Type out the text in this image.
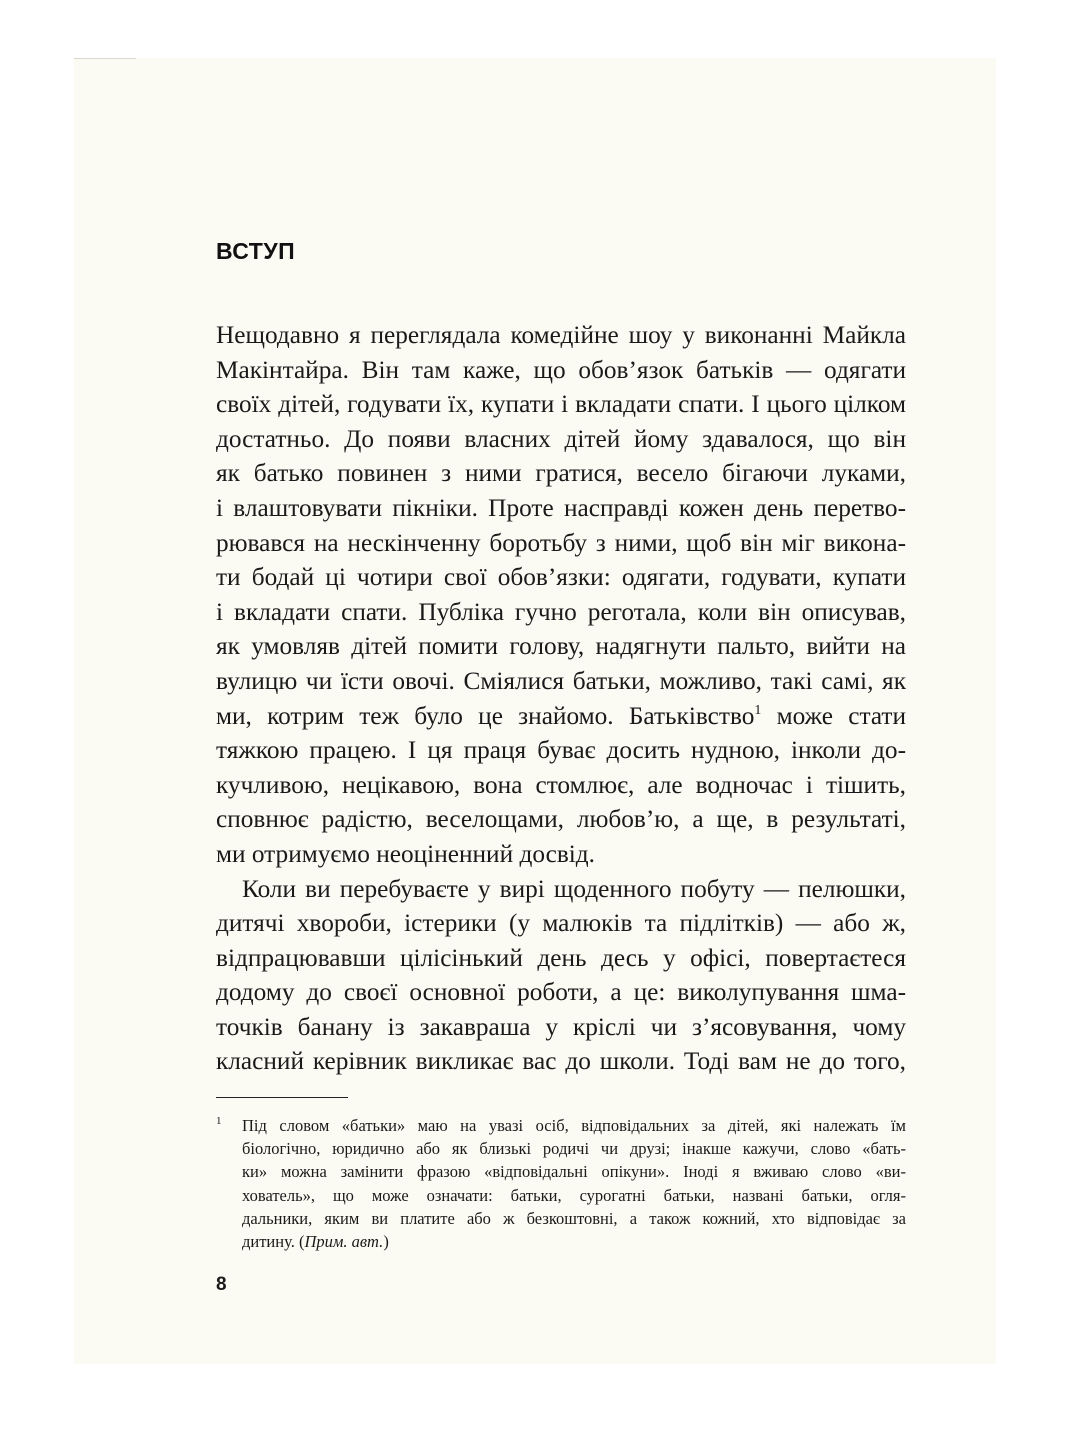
ВСТУП

Нещодавно я переглядала комедійне шоу у виконанні Майкла
Макінтайра. Він там каже, що обов’язок батьків — одягати
своїх дітей, годувати їх, купати і вкладати спати. І цього цілком
достатньо. До появи власних дітей йому здавалося, що він
як батько повинен з ними гратися, весело бігаючи луками,
і влаштовувати пікніки. Проте насправді кожен день перетво-
рювався на нескінченну боротьбу з ними, щоб він міг викона-
ти бодай ці чотири свої обов’язки: одягати, годувати, купати
і вкладати спати. Публіка гучно реготала, коли він описував,
як умовляв дітей помити голову, надягнути пальто, вийти на
вулицю чи їсти овочі. Сміялися батьки, можливо, такі самі, як
ми, котрим теж було це знайомо. Батьківство$^1$ може стати
тяжкою працею. І ця праця буває досить нудною, інколи до-
кучливою, нецікавою, вона стомлює, але водночас і тішить,
сповнює радістю, веселощами, любов’ю, а ще, в результаті,
ми отримуємо неоціненний досвід.

Коли ви перебуваєте у вирі щоденного побуту — пелюшки,
дитячі хвороби, істерики (у малюків та підлітків) — або ж,
відпрацювавши цілісінький день десь у офісі, повертаєтеся
додому до своєї основної роботи, а це: виколупування шма-
точків банану із закавраша у кріслі чи з’ясовування, чому
класний керівник викликає вас до школи. Тоді вам не до того,

1 Під словом «батьки» маю на увазі осіб, відповідальних за дітей, які належать їм
біологічно, юридично або як близькі родичі чи друзі; інакше кажучи, слово «бать-
ки» можна замінити фразою «відповідальні опікуни». Іноді я вживаю слово «ви-
хователь», що може означати: батьки, сурогатні батьки, названі батьки, огля-
дальники, яким ви платите або ж безкоштовні, а також кожний, хто відповідає за
дитину. (Прим. авт.)
8
